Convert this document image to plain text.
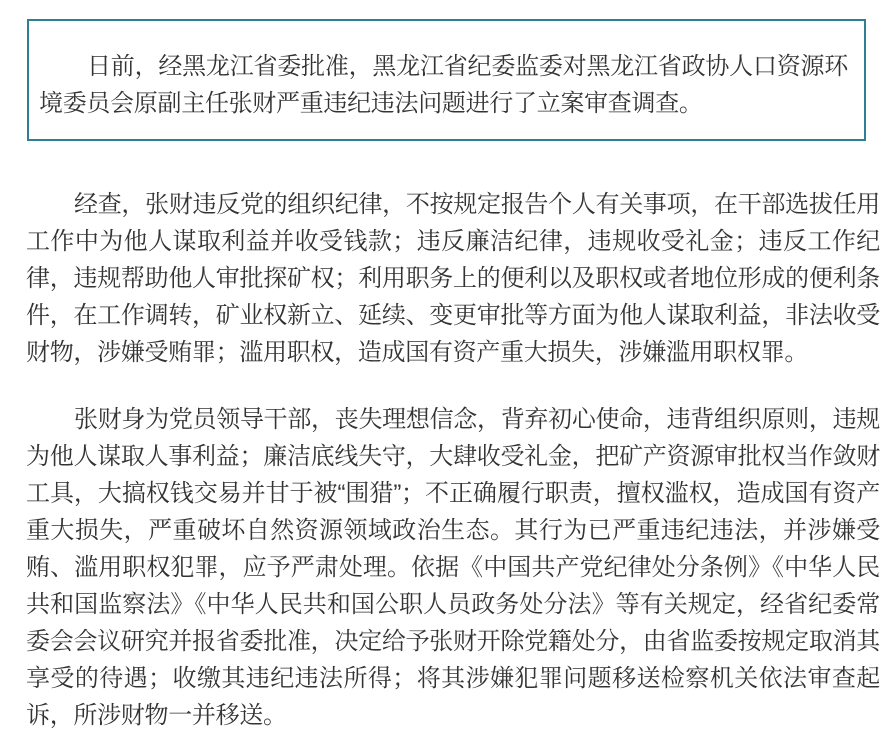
日前，经黑龙江省委批准，黑龙江省纪委监委对黑龙江省政协人口资源环境委员会原副主任张财严重违纪违法问题进行了立案审查调查。

经查，张财违反党的组织纪律，不按规定报告个人有关事项，在干部选拔任用工作中为他人谋取利益并收受钱款；违反廉洁纪律，违规收受礼金；违反工作纪律，违规帮助他人审批探矿权；利用职务上的便利以及职权或者地位形成的便利条件，在工作调转，矿业权新立、延续、变更审批等方面为他人谋取利益，非法收受财物，涉嫌受贿罪；滥用职权，造成国有资产重大损失，涉嫌滥用职权罪。

张财身为党员领导干部，丧失理想信念，背弃初心使命，违背组织原则，违规为他人谋取人事利益；廉洁底线失守，大肆收受礼金，把矿产资源审批权当作敛财工具，大搞权钱交易并甘于被“围猎”；不正确履行职责，擅权滥权，造成国有资产重大损失，严重破坏自然资源领域政治生态。其行为已严重违纪违法，并涉嫌受贿、滥用职权犯罪，应予严肃处理。依据《中国共产党纪律处分条例》《中华人民共和国监察法》《中华人民共和国公职人员政务处分法》等有关规定，经省纪委常委会会议研究并报省委批准，决定给予张财开除党籍处分，由省监委按规定取消其享受的待遇；收缴其违纪违法所得；将其涉嫌犯罪问题移送检察机关依法审查起诉，所涉财物一并移送。
